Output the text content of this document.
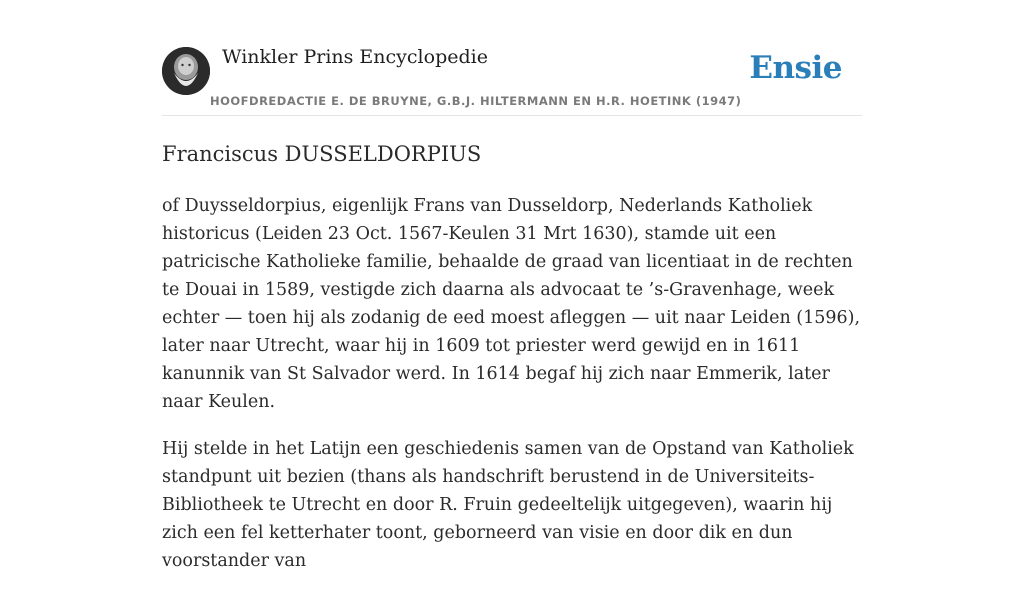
Winkler Prins Encyclopedie
HOOFDREDACTIE E. DE BRUYNE, G.B.J. HILTERMANN EN H.R. HOETINK (1947)
Ensie
Franciscus DUSSELDORPIUS

of Duysseldorpius, eigenlijk Frans van Dusseldorp, Nederlands Katholiek historicus (Leiden 23 Oct. 1567-Keulen 31 Mrt 1630), stamde uit een patricische Katholieke familie, behaalde de graad van licentiaat in de rechten te Douai in 1589, vestigde zich daarna als advocaat te ’s-Gravenhage, week echter — toen hij als zodanig de eed moest afleggen — uit naar Leiden (1596), later naar Utrecht, waar hij in 1609 tot priester werd gewijd en in 1611 kanunnik van St Salvador werd. In 1614 begaf hij zich naar Emmerik, later naar Keulen.

Hij stelde in het Latijn een geschiedenis samen van de Opstand van Katholiek standpunt uit bezien (thans als handschrift berustend in de Universiteits-Bibliotheek te Utrecht en door R. Fruin gedeeltelijk uitgegeven), waarin hij zich een fel ketterhater toont, geborneerd van visie en door dik en dun voorstander van
